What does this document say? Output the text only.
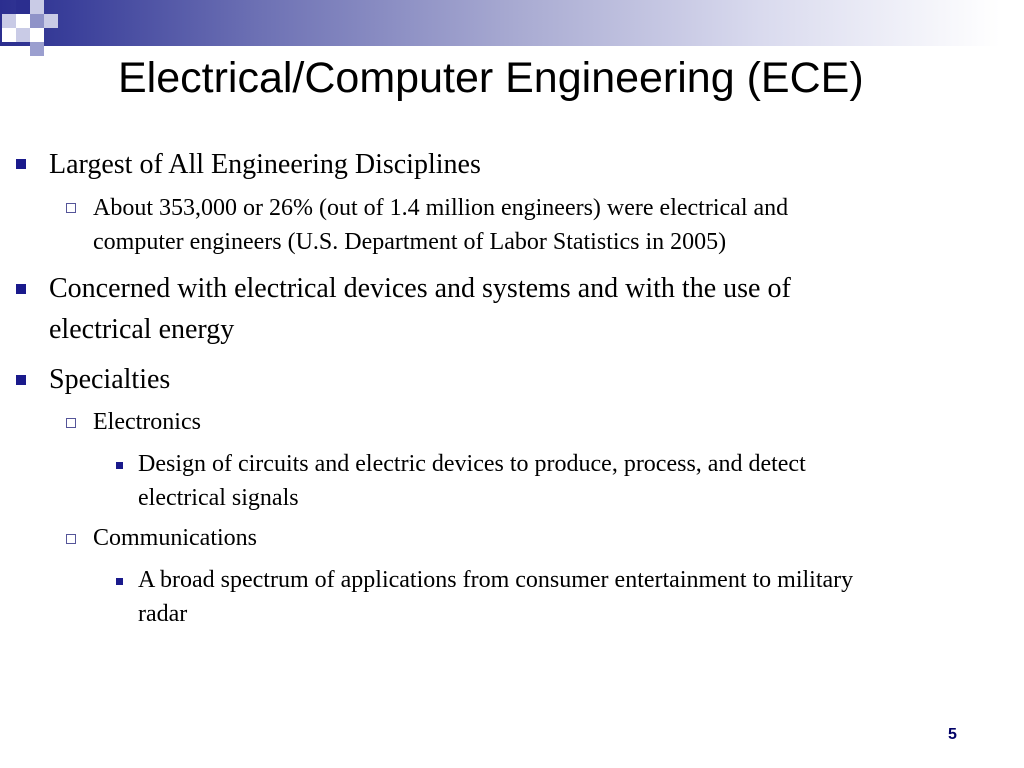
Electrical/Computer Engineering (ECE)

Largest of All Engineering Disciplines

About 353,000 or 26% (out of 1.4 million engineers) were electrical and

computer engineers (U.S. Department of Labor Statistics in 2005)

Concerned with electrical devices and systems and with the use of

electrical energy

Specialties

Electronics

Design of circuits and electric devices to produce, process, and detect

electrical signals

Communications

A broad spectrum of applications from consumer entertainment to military

radar

5
